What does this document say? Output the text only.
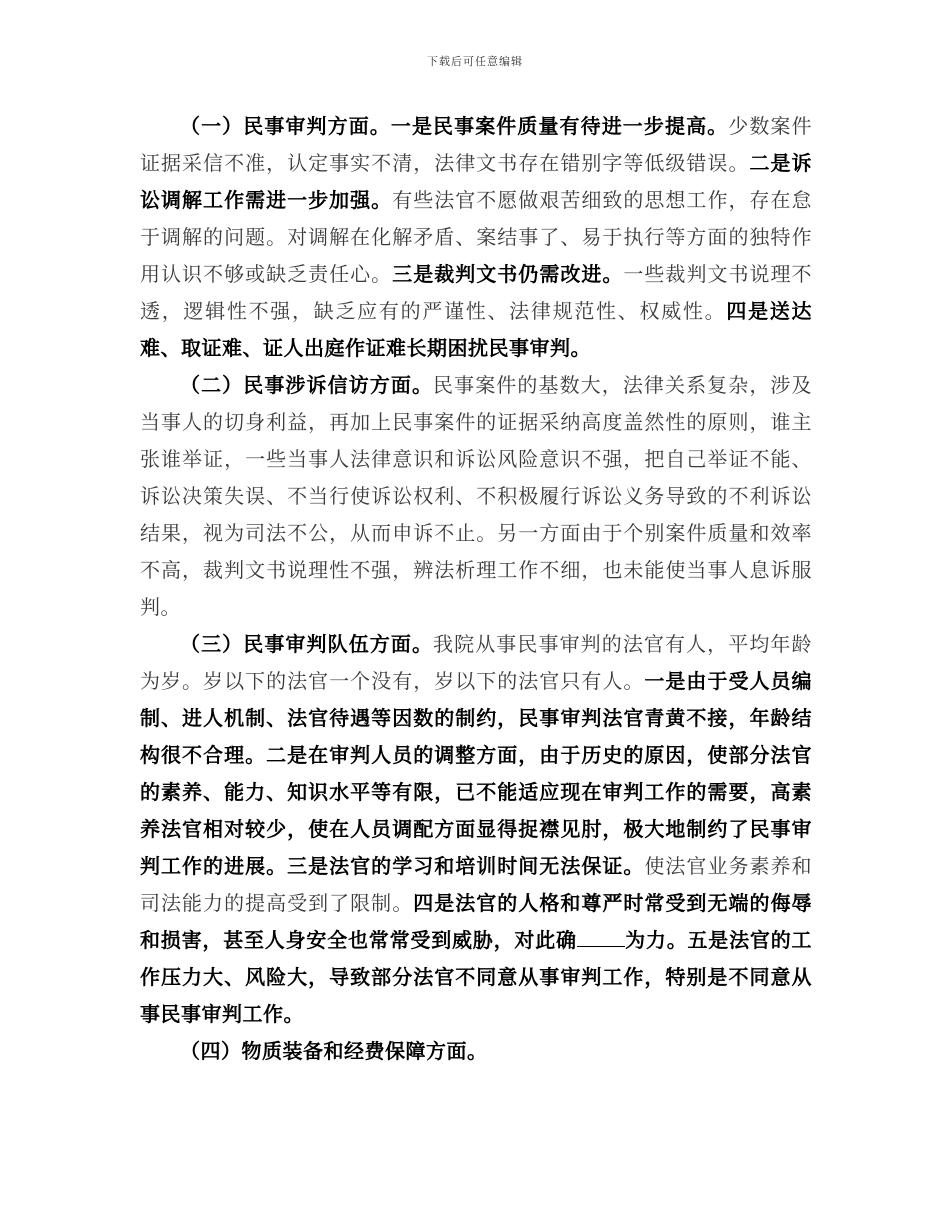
下载后可任意编辑

（一）民事审判方面。一是民事案件质量有待进一步提高。少数案件证据采信不准，认定事实不清，法律文书存在错别字等低级错误。二是诉讼调解工作需进一步加强。有些法官不愿做艰苦细致的思想工作，存在怠于调解的问题。对调解在化解矛盾、案结事了、易于执行等方面的独特作用认识不够或缺乏责任心。三是裁判文书仍需改进。一些裁判文书说理不透，逻辑性不强，缺乏应有的严谨性、法律规范性、权威性。四是送达难、取证难、证人出庭作证难长期困扰民事审判。

（二）民事涉诉信访方面。民事案件的基数大，法律关系复杂，涉及当事人的切身利益，再加上民事案件的证据采纳高度盖然性的原则，谁主张谁举证，一些当事人法律意识和诉讼风险意识不强，把自己举证不能、诉讼决策失误、不当行使诉讼权利、不积极履行诉讼义务导致的不利诉讼结果，视为司法不公，从而申诉不止。另一方面由于个别案件质量和效率不高，裁判文书说理性不强，辨法析理工作不细，也未能使当事人息诉服判。

（三）民事审判队伍方面。我院从事民事审判的法官有人，平均年龄为岁。岁以下的法官一个没有，岁以下的法官只有人。一是由于受人员编制、进人机制、法官待遇等因数的制约，民事审判法官青黄不接，年龄结构很不合理。二是在审判人员的调整方面，由于历史的原因，使部分法官的素养、能力、知识水平等有限，已不能适应现在审判工作的需要，高素养法官相对较少，使在人员调配方面显得捉襟见肘，极大地制约了民事审判工作的进展。三是法官的学习和培训时间无法保证。使法官业务素养和司法能力的提高受到了限制。四是法官的人格和尊严时常受到无端的侮辱和损害，甚至人身安全也常常受到威胁，对此确 为力。五是法官的工作压力大、风险大，导致部分法官不同意从事审判工作，特别是不同意从事民事审判工作。

（四）物质装备和经费保障方面。
